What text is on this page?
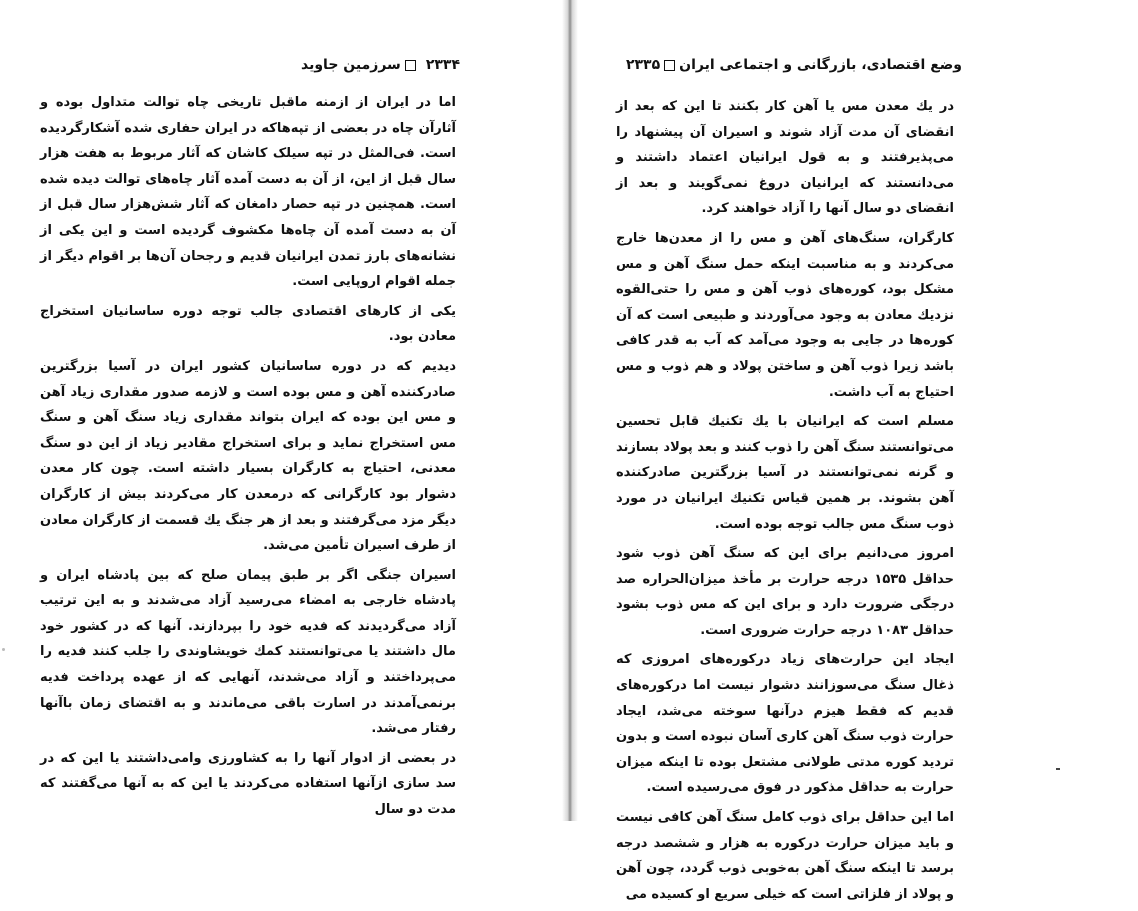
۲۳۳۴سرزمین جاوید

اما در ایران از ازمنه ماقبل تاریخی چاه توالت متداول بوده و آثارآن چاه در بعضی از تپه‌هاکه در ایران حفاری شده آشکارگردیده است. فی‌المثل در تپه سیلک کاشان که آثار مربوط به هفت هزار سال قبل از این، از آن به دست آمده آثار چاه‌های توالت دیده شده است. همچنین در تپه حصار دامغان که آثار شش‌هزار سال قبل از آن به دست آمده آن چاه‌ها مکشوف گردیده است و این یکی از نشانه‌های بارز تمدن ایرانیان قدیم و رجحان آن‌ها بر اقوام دیگر از جمله اقوام اروپایی است.

یکی از کارهای اقتصادی جالب توجه دوره ساسانیان استخراج معادن بود.

دیدیم که در دوره ساسانیان کشور ایران در آسیا بزرگترین صادرکننده آهن و مس بوده است و لازمه صدور مقداری زیاد آهن و مس این بوده که ایران بتواند مقداری زیاد سنگ آهن و سنگ مس استخراج نماید و برای استخراج مقادیر زیاد از این دو سنگ معدنی، احتیاج به کارگران بسیار داشته است. چون کار معدن دشوار بود کارگرانی که درمعدن کار می‌کردند بیش از کارگران دیگر مزد می‌گرفتند و بعد از هر جنگ یك قسمت از کارگران معادن از طرف اسیران تأمین می‌شد.

اسیران جنگی اگر بر طبق پیمان صلح که بین پادشاه ایران و پادشاه خارجی به امضاء می‌رسید آزاد می‌شدند و به این ترتیب آزاد می‌گردیدند که فدیه خود را بپردازند. آنها که در کشور خود مال داشتند یا می‌توانستند کمك خویشاوندی را جلب کنند فدیه را می‌پرداختند و آزاد می‌شدند، آنهایی که از عهده پرداخت فدیه برنمی‌آمدند در اسارت باقی می‌ماندند و به اقتضای زمان باآنها رفتار می‌شد.

در بعضی از ادوار آنها را به کشاورزی وامی‌داشتند یا این که در سد سازی ازآنها استفاده می‌کردند یا این که به آنها می‌گفتند که مدت دو سال

وضع اقتصادی، بازرگانی و اجتماعی ایران۲۳۳۵

در یك معدن مس یا آهن کار بکنند تا این که بعد از انقضای آن مدت آزاد شوند و اسیران آن پیشنهاد را می‌پذیرفتند و به قول ایرانیان اعتماد داشتند و می‌دانستند که ایرانیان دروغ نمی‌گویند و بعد از انقضای دو سال آنها را آزاد خواهند کرد.

کارگران، سنگ‌های آهن و مس را از معدن‌ها خارج می‌کردند و به مناسبت اینکه حمل سنگ آهن و مس مشکل بود، کوره‌های ذوب آهن و مس را حتی‌القوه نزدیك معادن به وجود می‌آوردند و طبیعی است که آن کوره‌ها در جایی به وجود می‌آمد که آب به قدر کافی باشد زیرا ذوب آهن و ساختن پولاد و هم ذوب و مس احتیاج به آب داشت.

مسلم است که ایرانیان با یك تکنیك قابل تحسین می‌توانستند سنگ آهن را ذوب کنند و بعد پولاد بسازند و گرنه نمی‌توانستند در آسیا بزرگترین صادرکننده آهن بشوند. بر همین قیاس تکنیك ایرانیان در مورد ذوب سنگ مس جالب توجه بوده است.

امروز می‌دانیم برای این که سنگ آهن ذوب شود حداقل ۱۵۳۵ درجه حرارت بر مأخذ میزان‌الحراره صد درجگی ضرورت دارد و برای این که مس ذوب بشود حداقل ۱۰۸۳ درجه حرارت ضروری است.

ایجاد این حرارت‌های زیاد درکوره‌های امروزی که ذغال سنگ می‌سوزانند دشوار نیست اما درکوره‌های قدیم که فقط هیزم درآنها سوخته می‌شد، ایجاد حرارت ذوب سنگ آهن کاری آسان نبوده است و بدون تردید کوره مدتی طولانی مشتعل بوده تا اینکه میزان حرارت به حداقل مذکور در فوق می‌رسیده است.

اما این حداقل برای ذوب کامل سنگ آهن کافی نیست و باید میزان حرارت درکوره به هزار و ششصد درجه برسد تا اینکه سنگ آهن به‌خوبی ذوب گردد، چون آهن و پولاد از فلزاتی است که خیلی سریع او کسیده می‌
